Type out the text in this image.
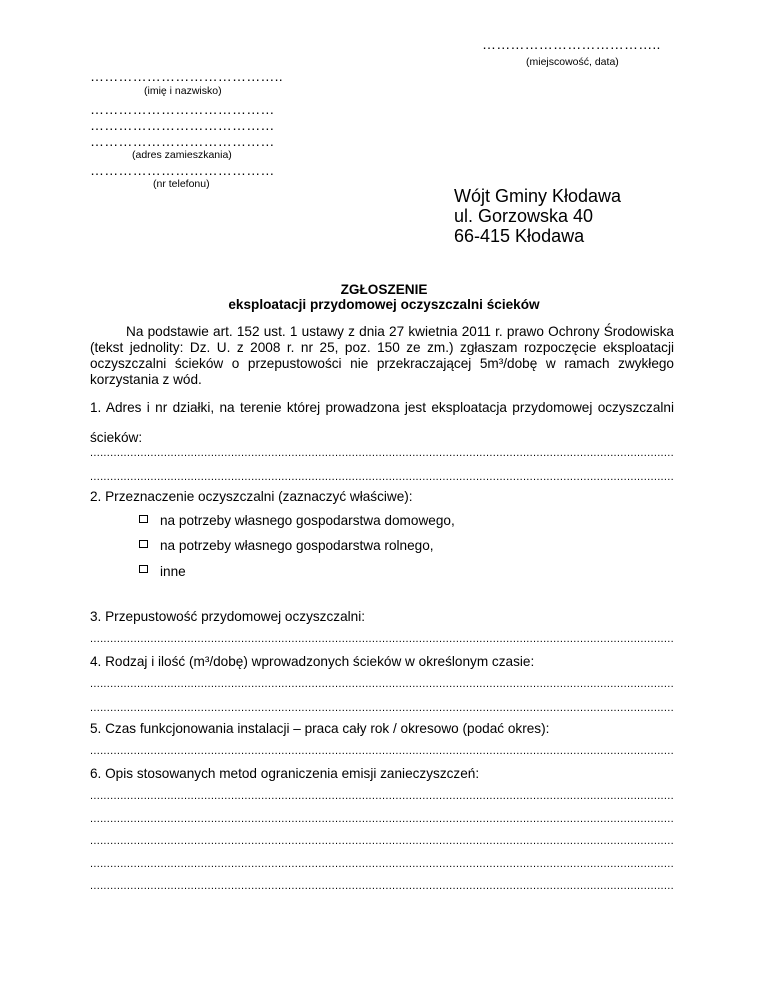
………………………………..
(miejscowość, data)
…………………………………..
(imię i nazwisko)
…………………………………
…………………………………
…………………………………
(adres zamieszkania)
…………………………………
(nr telefonu)
Wójt Gminy Kłodawa
ul. Gorzowska 40
66-415 Kłodawa
ZGŁOSZENIE
eksploatacji przydomowej oczyszczalni ścieków
Na podstawie art. 152 ust. 1 ustawy z dnia 27 kwietnia 2011 r. prawo Ochrony Środowiska (tekst jednolity: Dz. U. z 2008 r. nr 25, poz. 150 ze zm.) zgłaszam rozpoczęcie eksploatacji oczyszczalni ścieków o przepustowości nie przekraczającej 5m³/dobę w ramach zwykłego korzystania z wód.
1. Adres i nr działki, na terenie której prowadzona jest eksploatacja przydomowej oczyszczalni ścieków:
.....
.....
2. Przeznaczenie oczyszczalni (zaznaczyć właściwe):
na potrzeby własnego gospodarstwa domowego,
na potrzeby własnego gospodarstwa rolnego,
inne
3. Przepustowość przydomowej oczyszczalni:
.....
4. Rodzaj i ilość (m³/dobę) wprowadzonych ścieków w określonym czasie:
.....
.....
5. Czas funkcjonowania instalacji – praca cały rok / okresowo (podać okres):
.....
6. Opis stosowanych metod ograniczenia emisji zanieczyszczeń:
.....
.....
.....
.....
.....
